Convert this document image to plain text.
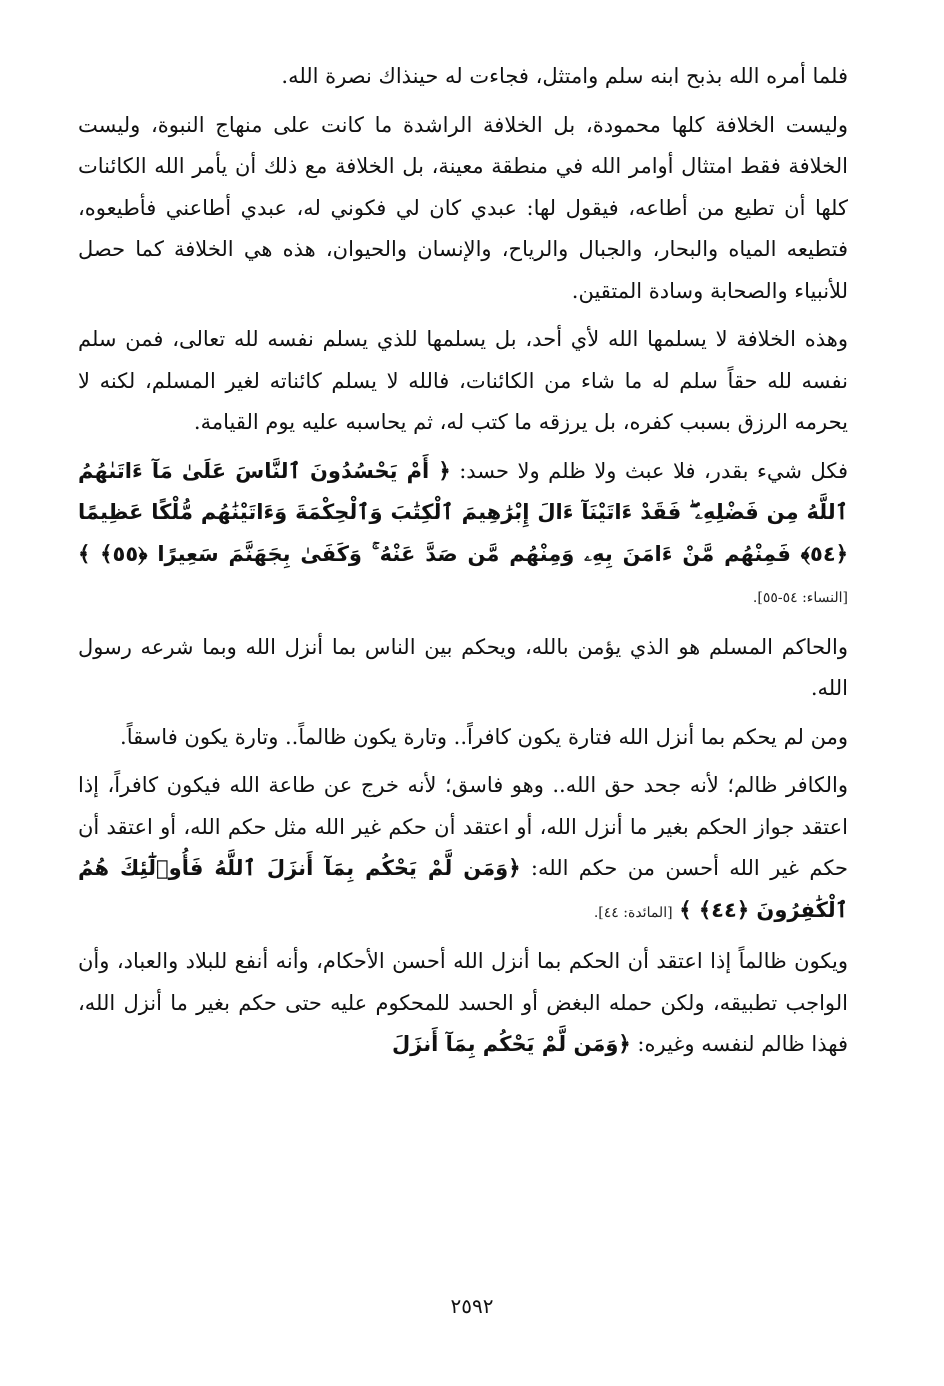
فلما أمره الله بذبح ابنه سلم وامتثل، فجاءت له حينذاك نصرة الله.

وليست الخلافة كلها محمودة، بل الخلافة الراشدة ما كانت على منهاج النبوة، وليست الخلافة فقط امتثال أوامر الله في منطقة معينة، بل الخلافة مع ذلك أن يأمر الله الكائنات كلها أن تطيع من أطاعه، فيقول لها: عبدي كان لي فكوني له، عبدي أطاعني فأطيعوه، فتطيعه المياه والبحار، والجبال والرياح، والإنسان والحيوان، هذه هي الخلافة كما حصل للأنبياء والصحابة وسادة المتقين.

وهذه الخلافة لا يسلمها الله لأي أحد، بل يسلمها للذي يسلم نفسه لله تعالى، فمن سلم نفسه لله حقاً سلم له ما شاء من الكائنات، فالله لا يسلم كائناته لغير المسلم، لكنه لا يحرمه الرزق بسبب كفره، بل يرزقه ما كتب له، ثم يحاسبه عليه يوم القيامة.

فكل شيء بقدر، فلا عبث ولا ظلم ولا حسد: ﴿ أَمْ يَحْسُدُونَ ٱلنَّاسَ عَلَىٰ مَآ ءَاتَىٰهُمُ ٱللَّهُ مِن فَضْلِهِۦ ۖ فَقَدْ ءَاتَيْنَآ ءَالَ إِبْرَٰهِيمَ ٱلْكِتَٰبَ وَٱلْحِكْمَةَ وَءَاتَيْنَٰهُم مُّلْكًا عَظِيمًا ﴿٥٤﴾ فَمِنْهُم مَّنْ ءَامَنَ بِهِۦ وَمِنْهُم مَّن صَدَّ عَنْهُ ۚ وَكَفَىٰ بِجَهَنَّمَ سَعِيرًا ﴿٥٥﴾ ﴾ [النساء: ٥٤-٥٥].

والحاكم المسلم هو الذي يؤمن بالله، ويحكم بين الناس بما أنزل الله وبما شرعه رسول الله.

ومن لم يحكم بما أنزل الله فتارة يكون كافراً.. وتارة يكون ظالماً.. وتارة يكون فاسقاً.

والكافر ظالم؛ لأنه جحد حق الله.. وهو فاسق؛ لأنه خرج عن طاعة الله فيكون كافراً، إذا اعتقد جواز الحكم بغير ما أنزل الله، أو اعتقد أن حكم غير الله مثل حكم الله، أو اعتقد أن حكم غير الله أحسن من حكم الله: ﴿وَمَن لَّمْ يَحْكُم بِمَآ أَنزَلَ ٱللَّهُ فَأُو۟لَٰٓئِكَ هُمُ ٱلْكَٰفِرُونَ ﴿٤٤﴾ ﴾ [المائدة: ٤٤].

ويكون ظالماً إذا اعتقد أن الحكم بما أنزل الله أحسن الأحكام، وأنه أنفع للبلاد والعباد، وأن الواجب تطبيقه، ولكن حمله البغض أو الحسد للمحكوم عليه حتى حكم بغير ما أنزل الله، فهذا ظالم لنفسه وغيره: ﴿وَمَن لَّمْ يَحْكُم بِمَآ أَنزَلَ

٢٥٩٢
